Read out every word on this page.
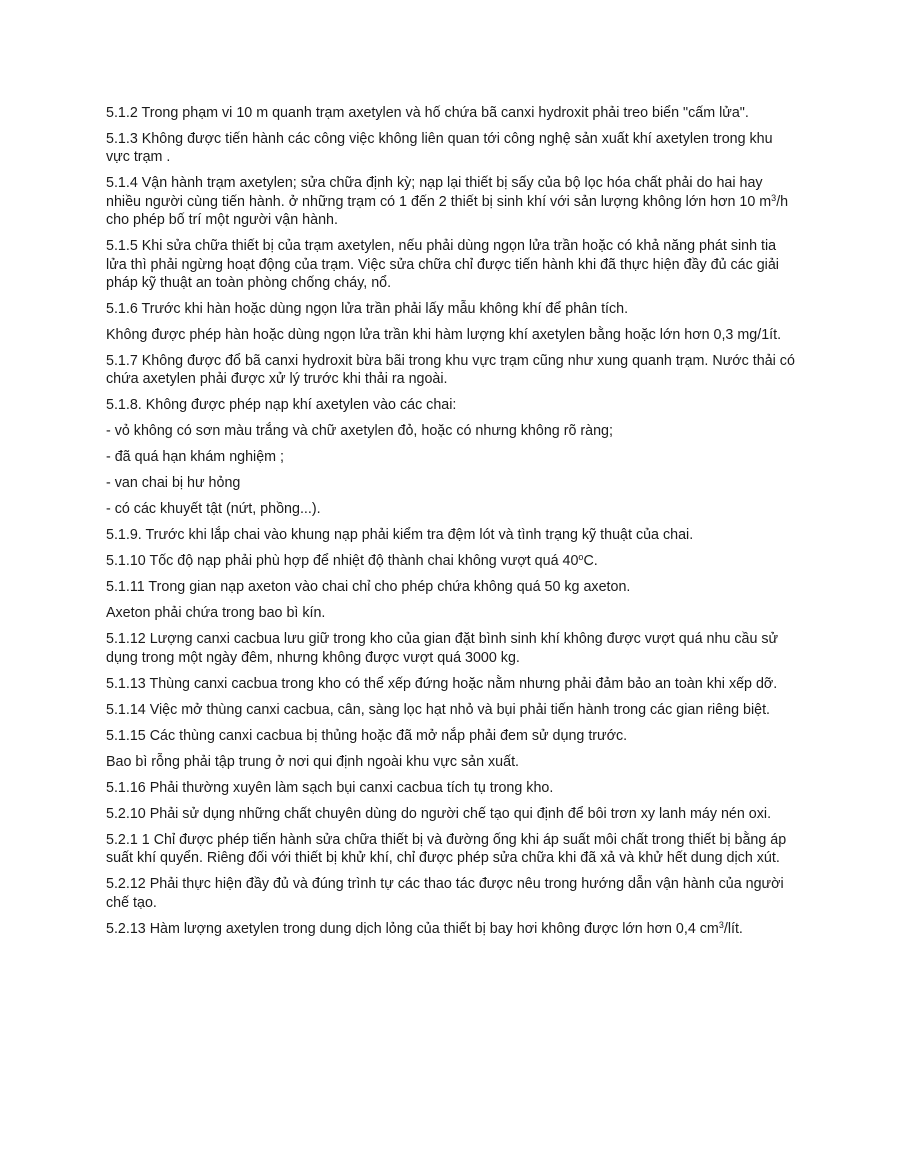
5.1.2 Trong phạm vi 10 m quanh trạm axetylen và hố chứa bã canxi hydroxit phải treo biển "cấm lửa".

5.1.3 Không được tiến hành các công việc không liên quan tới công nghệ sản xuất khí axetylen trong khu vực trạm .

5.1.4 Vận hành trạm axetylen; sửa chữa định kỳ; nạp lại thiết bị sấy của bộ lọc hóa chất phải do hai hay nhiều người cùng tiến hành. ở những trạm có 1 đến 2 thiết bị sinh khí với sản lượng không lớn hơn 10 $m^3/h$ cho phép bố trí một người vận hành.

5.1.5 Khi sửa chữa thiết bị của trạm axetylen, nếu phải dùng ngọn lửa trần hoặc có khả năng phát sinh tia lửa thì phải ngừng hoạt động của trạm. Việc sửa chữa chỉ được tiến hành khi đã thực hiện đầy đủ các giải pháp kỹ thuật an toàn phòng chống cháy, nổ.

5.1.6 Trước khi hàn hoặc dùng ngọn lửa trần phải lấy mẫu không khí để phân tích.

Không được phép hàn hoặc dùng ngọn lửa trần khi hàm lượng khí axetylen bằng hoặc lớn hơn 0,3 mg/1ít.

5.1.7 Không được đổ bã canxi hydroxit bừa bãi trong khu vực trạm cũng như xung quanh trạm. Nước thải có chứa axetylen phải được xử lý trước khi thải ra ngoài.

5.1.8. Không được phép nạp khí axetylen vào các chai:

- vỏ không có sơn màu trắng và chữ axetylen đỏ, hoặc có nhưng không rõ ràng;

- đã quá hạn khám nghiệm ;

- van chai bị hư hỏng

- có các khuyết tật (nứt, phồng...).

5.1.9. Trước khi lắp chai vào khung nạp phải kiểm tra đệm lót và tình trạng kỹ thuật của chai.

5.1.10 Tốc độ nạp phải phù hợp để nhiệt độ thành chai không vượt quá 40$^o$C.

5.1.11 Trong gian nạp axeton vào chai chỉ cho phép chứa không quá 50 kg axeton.

Axeton phải chứa trong bao bì kín.

5.1.12 Lượng canxi cacbua lưu giữ trong kho của gian đặt bình sinh khí không được vượt quá nhu cầu sử dụng trong một ngày đêm, nhưng không được vượt quá 3000 kg.

5.1.13 Thùng canxi cacbua trong kho có thể xếp đứng hoặc nằm nhưng phải đảm bảo an toàn khi xếp dỡ.

5.1.14 Việc mở thùng canxi cacbua, cân, sàng lọc hạt nhỏ và bụi phải tiến hành trong các gian riêng biệt.

5.1.15 Các thùng canxi cacbua bị thủng hoặc đã mở nắp phải đem sử dụng trước.

Bao bì rỗng phải tập trung ở nơi qui định ngoài khu vực sản xuất.

5.1.16 Phải thường xuyên làm sạch bụi canxi cacbua tích tụ trong kho.

5.2.10 Phải sử dụng những chất chuyên dùng do người chế tạo qui định để bôi trơn xy lanh máy nén oxi.

5.2.1 1 Chỉ được phép tiến hành sửa chữa thiết bị và đường ống khi áp suất môi chất trong thiết bị bằng áp suất khí quyển. Riêng đối với thiết bị khử khí, chỉ được phép sửa chữa khi đã xả và khử hết dung dịch xút.

5.2.12 Phải thực hiện đầy đủ và đúng trình tự các thao tác được nêu trong hướng dẫn vận hành của người chế tạo.

5.2.13 Hàm lượng axetylen trong dung dịch lỏng của thiết bị bay hơi không được lớn hơn 0,4 $cm^3$/lít.
